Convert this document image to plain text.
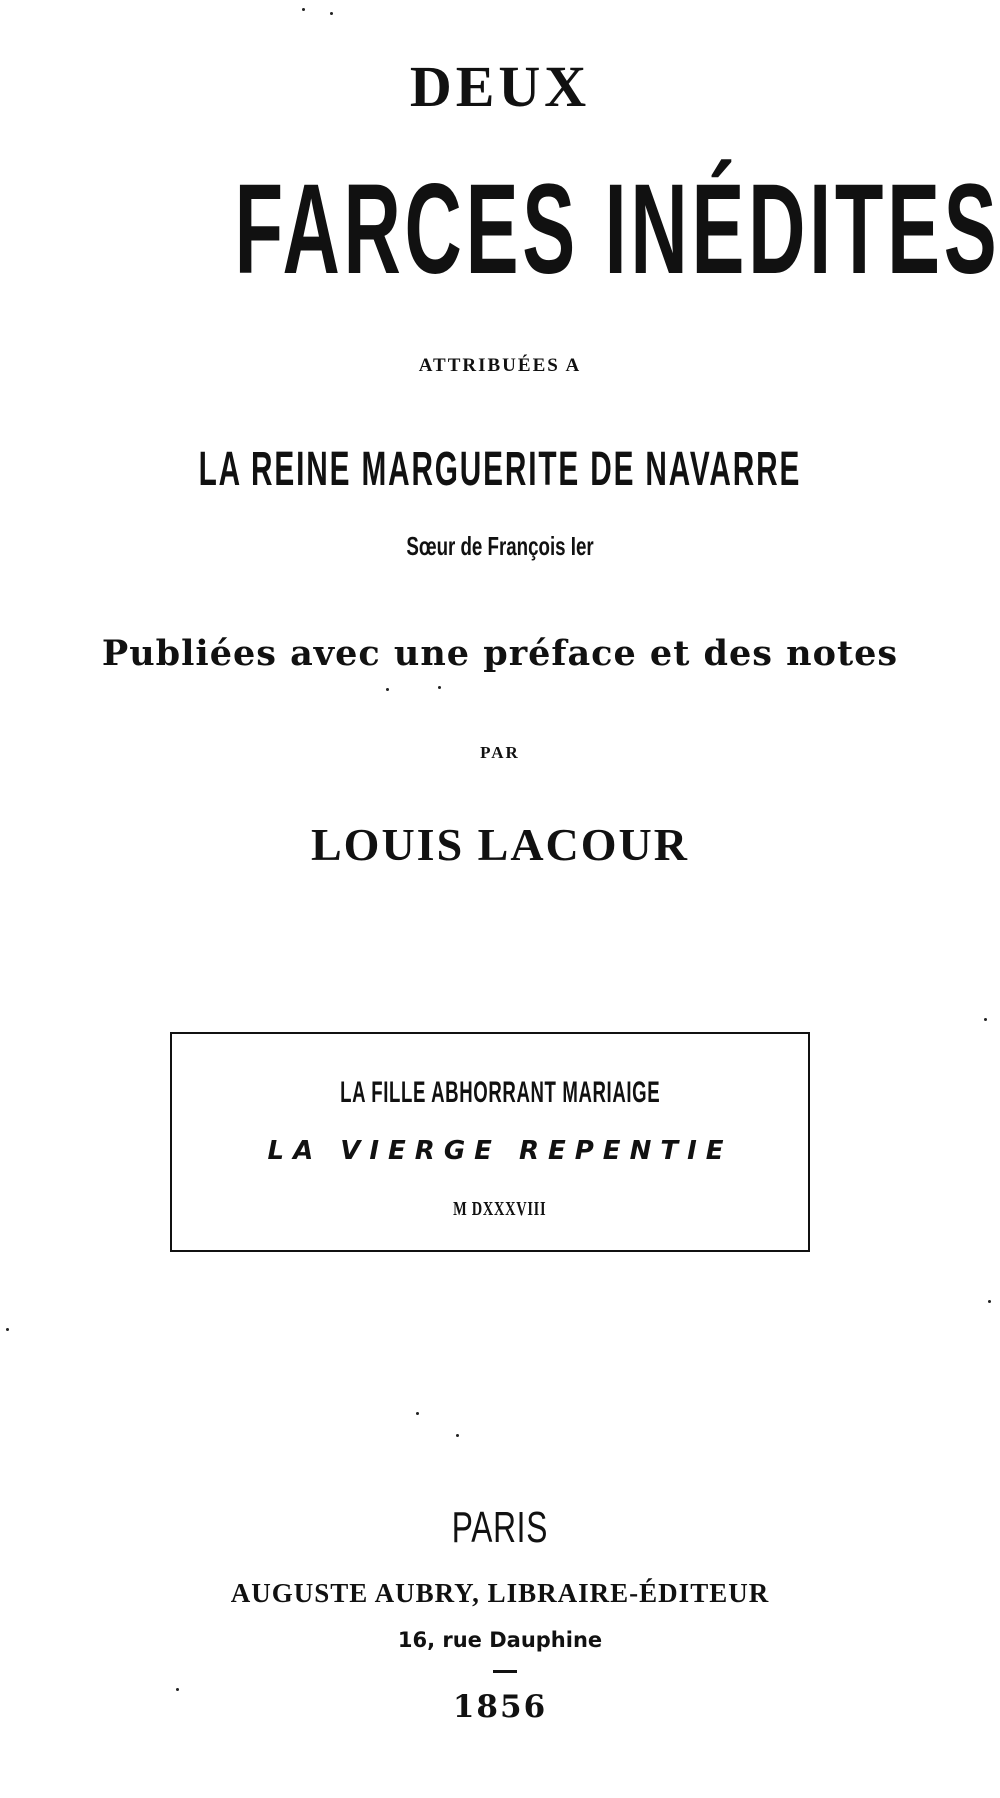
DEUX
FARCES INÉDITES
ATTRIBUÉES A
LA REINE MARGUERITE DE NAVARRE
Sœur de François Ier
Publiées avec une préface et des notes
PAR
LOUIS LACOUR
LA FILLE ABHORRANT MARIAIGE
LA VIERGE REPENTIE
M DXXXVIII
PARIS
AUGUSTE AUBRY, LIBRAIRE-ÉDITEUR
16, rue Dauphine
1856
